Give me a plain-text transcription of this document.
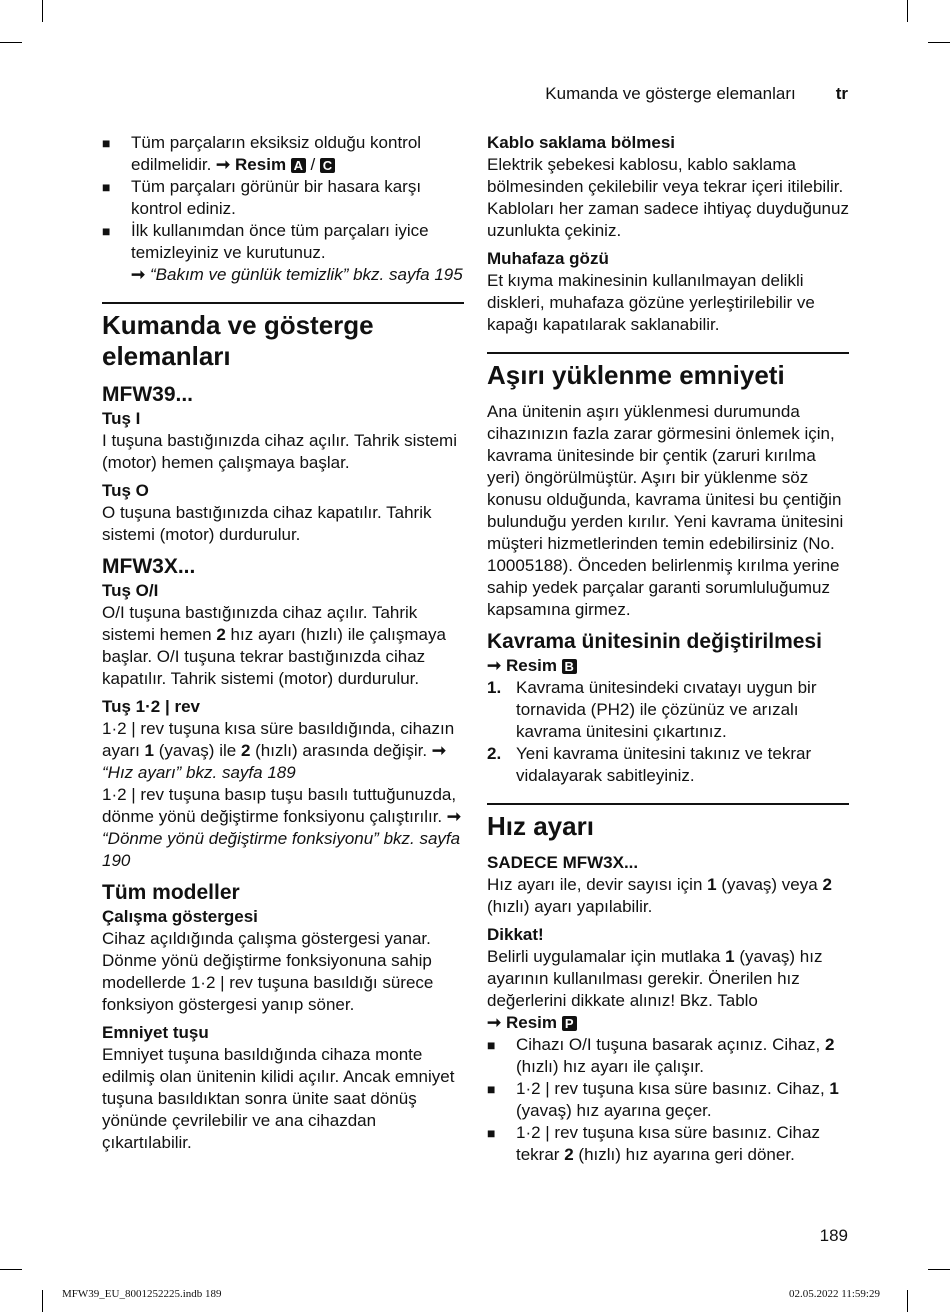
Kumanda ve gösterge elemanları tr
■	Tüm parçaların eksiksiz olduğu kontrol edilmelidir. ➞ Resim A / C
■	Tüm parçaları görünür bir hasara karşı kontrol ediniz.
■	İlk kullanımdan önce tüm parçaları iyice temizleyiniz ve kurutunuz.
➞ “Bakım ve günlük temizlik” bkz. sayfa 195
Kumanda ve gösterge elemanları
MFW39...

Tuş I

I tuşuna bastığınızda cihaz açılır. Tahrik sistemi (motor) hemen çalışmaya başlar.

Tuş O

O tuşuna bastığınızda cihaz kapatılır. Tahrik sistemi (motor) durdurulur.

MFW3X...

Tuş O/I

O/I tuşuna bastığınızda cihaz açılır. Tahrik sistemi hemen 2 hız ayarı (hızlı) ile çalışmaya başlar. O/I tuşuna tekrar bastığınızda cihaz kapatılır. Tahrik sistemi (motor) durdurulur.

Tuş 1·2 | rev

1·2 | rev tuşuna kısa süre basıldığında, cihazın ayarı 1 (yavaş) ile 2 (hızlı) arasında değişir. ➞ “Hız ayarı” bkz. sayfa 189

1·2 | rev tuşuna basıp tuşu basılı tuttuğunuzda, dönme yönü değiştirme fonksiyonu çalıştırılır. ➞ “Dönme yönü değiştirme fonksiyonu” bkz. sayfa 190

Tüm modeller

Çalışma göstergesi

Cihaz açıldığında çalışma göstergesi yanar. Dönme yönü değiştirme fonksiyonuna sahip modellerde 1·2 | rev tuşuna basıldığı sürece fonksiyon göstergesi yanıp söner.

Emniyet tuşu

Emniyet tuşuna basıldığında cihaza monte edilmiş olan ünitenin kilidi açılır. Ancak emniyet tuşuna basıldıktan sonra ünite saat dönüş yönünde çevrilebilir ve ana cihazdan çıkartılabilir.

Kablo saklama bölmesi

Elektrik şebekesi kablosu, kablo saklama bölmesinden çekilebilir veya tekrar içeri itilebilir. Kabloları her zaman sadece ihtiyaç duyduğunuz uzunlukta çekiniz.

Muhafaza gözü

Et kıyma makinesinin kullanılmayan delikli diskleri, muhafaza gözüne yerleştirilebilir ve kapağı kapatılarak saklanabilir.

Aşırı yüklenme emniyeti

Ana ünitenin aşırı yüklenmesi durumunda cihazınızın fazla zarar görmesini önlemek için, kavrama ünitesinde bir çentik (zaruri kırılma yeri) öngörülmüştür. Aşırı bir yüklenme söz konusu olduğunda, kavrama ünitesi bu çentiğin bulunduğu yerden kırılır. Yeni kavrama ünitesini müşteri hizmetlerinden temin edebilirsiniz (No. 10005188). Önceden belirlenmiş kırılma yerine sahip yedek parçalar garanti sorumluluğumuz kapsamına girmez.

Kavrama ünitesinin değiştirilmesi

➞ Resim B

1. Kavrama ünitesindeki cıvatayı uygun bir tornavida (PH2) ile çözünüz ve arızalı kavrama ünitesini çıkartınız.
2. Yeni kavrama ünitesini takınız ve tekrar vidalayarak sabitleyiniz.
Hız ayarı

SADECE MFW3X...

Hız ayarı ile, devir sayısı için 1 (yavaş) veya 2 (hızlı) ayarı yapılabilir.

Dikkat!

Belirli uygulamalar için mutlaka 1 (yavaş) hız ayarının kullanılması gerekir. Önerilen hız değerlerini dikkate alınız! Bkz. Tablo

➞ Resim P

■	Cihazı O/I tuşuna basarak açınız. Cihaz, 2 (hızlı) hız ayarı ile çalışır.
■	1·2 | rev tuşuna kısa süre basınız. Cihaz, 1 (yavaş) hız ayarına geçer.
■	1·2 | rev tuşuna kısa süre basınız. Cihaz tekrar 2 (hızlı) hız ayarına geri döner.
189
MFW39_EU_8001252225.indb 189	02.05.2022 11:59:29
